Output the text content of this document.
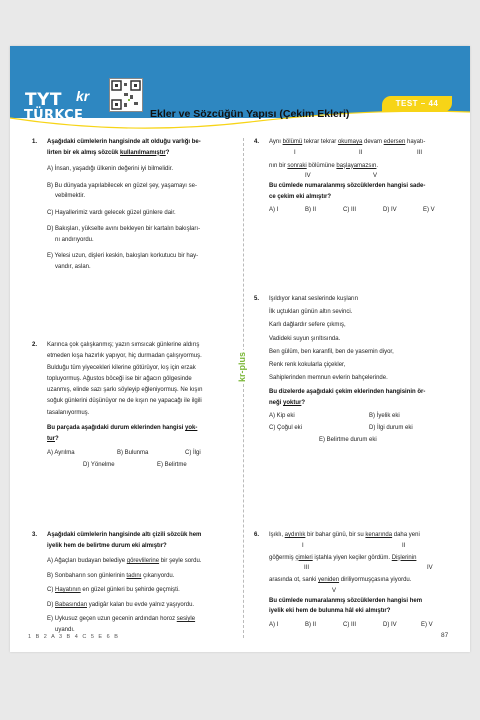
TYT kr
TÜRKÇE
TEST – 44
Ekler ve Sözcüğün Yapısı (Çekim Ekleri)
kr-plus
1. Aşağıdaki cümlelerin hangisinde alt olduğu varlığı be-
lirten bir ek almış sözcük kullanılmamıştır?
A) İnsan, yaşadığı ülkenin değerini iyi bilmelidir.
B) Bu dünyada yapılabilecek en güzel şey, yaşamayı se-
vebilmektir.
C) Hayallerimiz vardı gelecek güzel günlere dair.
D) Bakışları, yükselte avını bekleyen bir kartalın bakışları-
nı andırıyordu.
E) Yelesi uzun, dişleri keskin, bakışları korkutucu bir hay-
vandır, aslan.
2. Karınca çok çalışkanmış; yazın sımsıcak günlerine aldırış
etmeden kışa hazırlık yapıyor, hiç durmadan çalışıyormuş.
Bulduğu tüm yiyecekleri kilerine götürüyor, kış için erzak
topluyormuş. Ağustos böceği ise bir ağacın gölgesinde
uzanmış, elinde sazı şarkı söyleyip eğleniyormuş. Ne kışın
soğuk günlerini düşünüyor ne de kışın ne yapacağı ile ilgili
tasalanıyormuş.
Bu parçada aşağıdaki durum eklerinden hangisi yok-
tur?
A) Ayrılma	B) Bulunma	C) İlgi
D) Yönelme	E) Belirtme
3. Aşağıdaki cümlelerin hangisinde altı çizili sözcük hem
iyelik hem de belirtme durum eki almıştır?
A) Ağaçları budayan belediye görevlilerine bir şeyle sordu.
B) Sonbaharın son günlerinin tadını çıkarıyordu.
C) Hayatının en güzel günleri bu şehirde geçmişti.
D) Babasından yadigâr kalan bu evde yalnız yaşıyordu.
E) Uykusuz geçen uzun gecenin ardından horoz sesiyle
uyandı.
4. Aynı bölümü tekrar tekrar okumaya devam edersen hayatı-
I	II	III
nın bir sonraki bölümüne başlayamazsın.
IV	V
Bu cümlede numaralanmış sözcüklerden hangisi sade-
ce çekim eki almıştır?
A) I	B) II	C) III	D) IV	E) V
5. Işıldıyor kanat seslerinde kuşların
İlk uçtukları günün altın sevinci.
Karlı dağlardır sefere çıkmış,
Vadideki suyun şırıltısında.
Ben gülüm, ben karanfil, ben de yasemin diyor,
Renk renk kokularla çiçekler,
Sahiplerinden memnun evlerin bahçelerinde.
Bu dizelerde aşağıdaki çekim eklerinden hangisinin ör-
neği yoktur?
A) Kip eki	B) İyelik eki
C) Çoğul eki	D) İlgi durum eki
E) Belirtme durum eki
6. Işıklı, aydınlık bir bahar günü, bir su kenarında daha yeni
I	II
göğermiş çimleri iştahla yiyen keçiler gördüm. Dişlerinin
III	IV
arasında ot, sanki yeniden diriliyormuşçasına yiyordu.
V
Bu cümlede numaralanmış sözcüklerden hangisi hem
iyelik eki hem de bulunma hâl eki almıştır?
A) I	B) II	C) III	D) IV	E) V
1 B 2 A 3 B 4 C 5 E 6 B	87
